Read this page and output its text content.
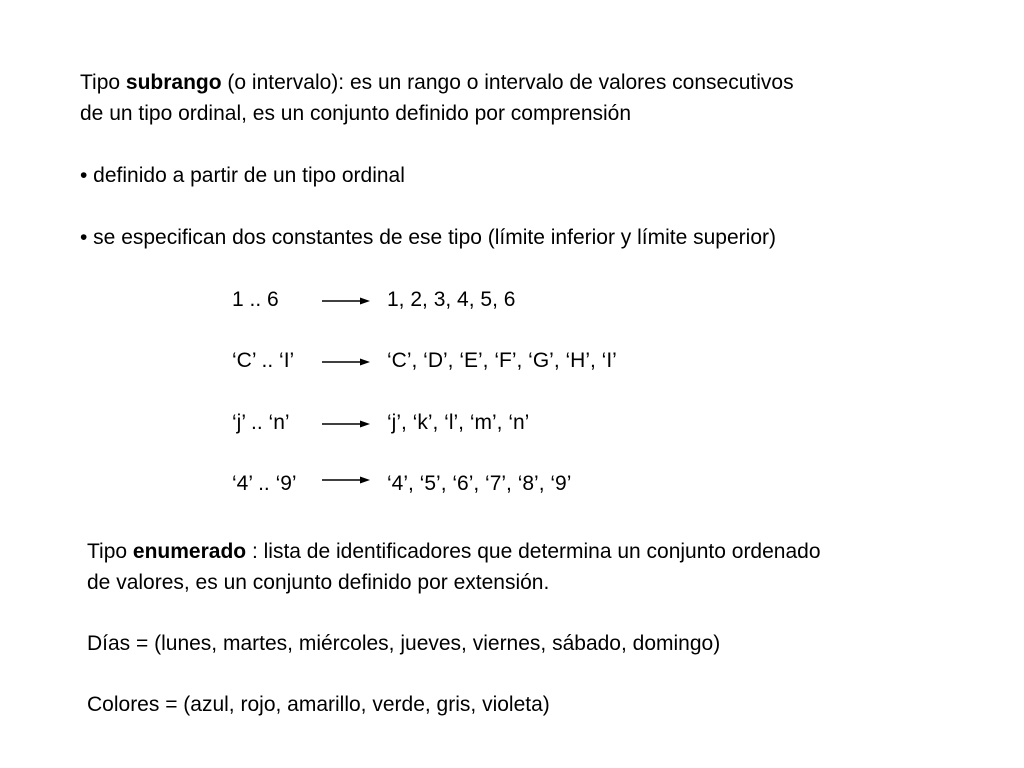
Tipo subrango (o intervalo): es un rango o intervalo de valores consecutivos
de un tipo ordinal, es un conjunto definido por comprensión
• definido a partir de un tipo ordinal
• se especifican dos constantes de ese tipo (límite inferior y límite superior)
1 .. 6	1, 2, 3, 4, 5, 6
‘C’ .. ‘I’	‘C’, ‘D’, ‘E’, ‘F’, ‘G’, ‘H’, ‘I’
‘j’ .. ‘n’	‘j’, ‘k’, ‘l’, ‘m’, ‘n’
‘4’ .. ‘9’	‘4’, ‘5’, ‘6’, ‘7’, ‘8’, ‘9’
Tipo enumerado : lista de identificadores que determina un conjunto ordenado
de valores, es un conjunto definido por extensión.
Días = (lunes, martes, miércoles, jueves, viernes, sábado, domingo)
Colores = (azul, rojo, amarillo, verde, gris, violeta)
